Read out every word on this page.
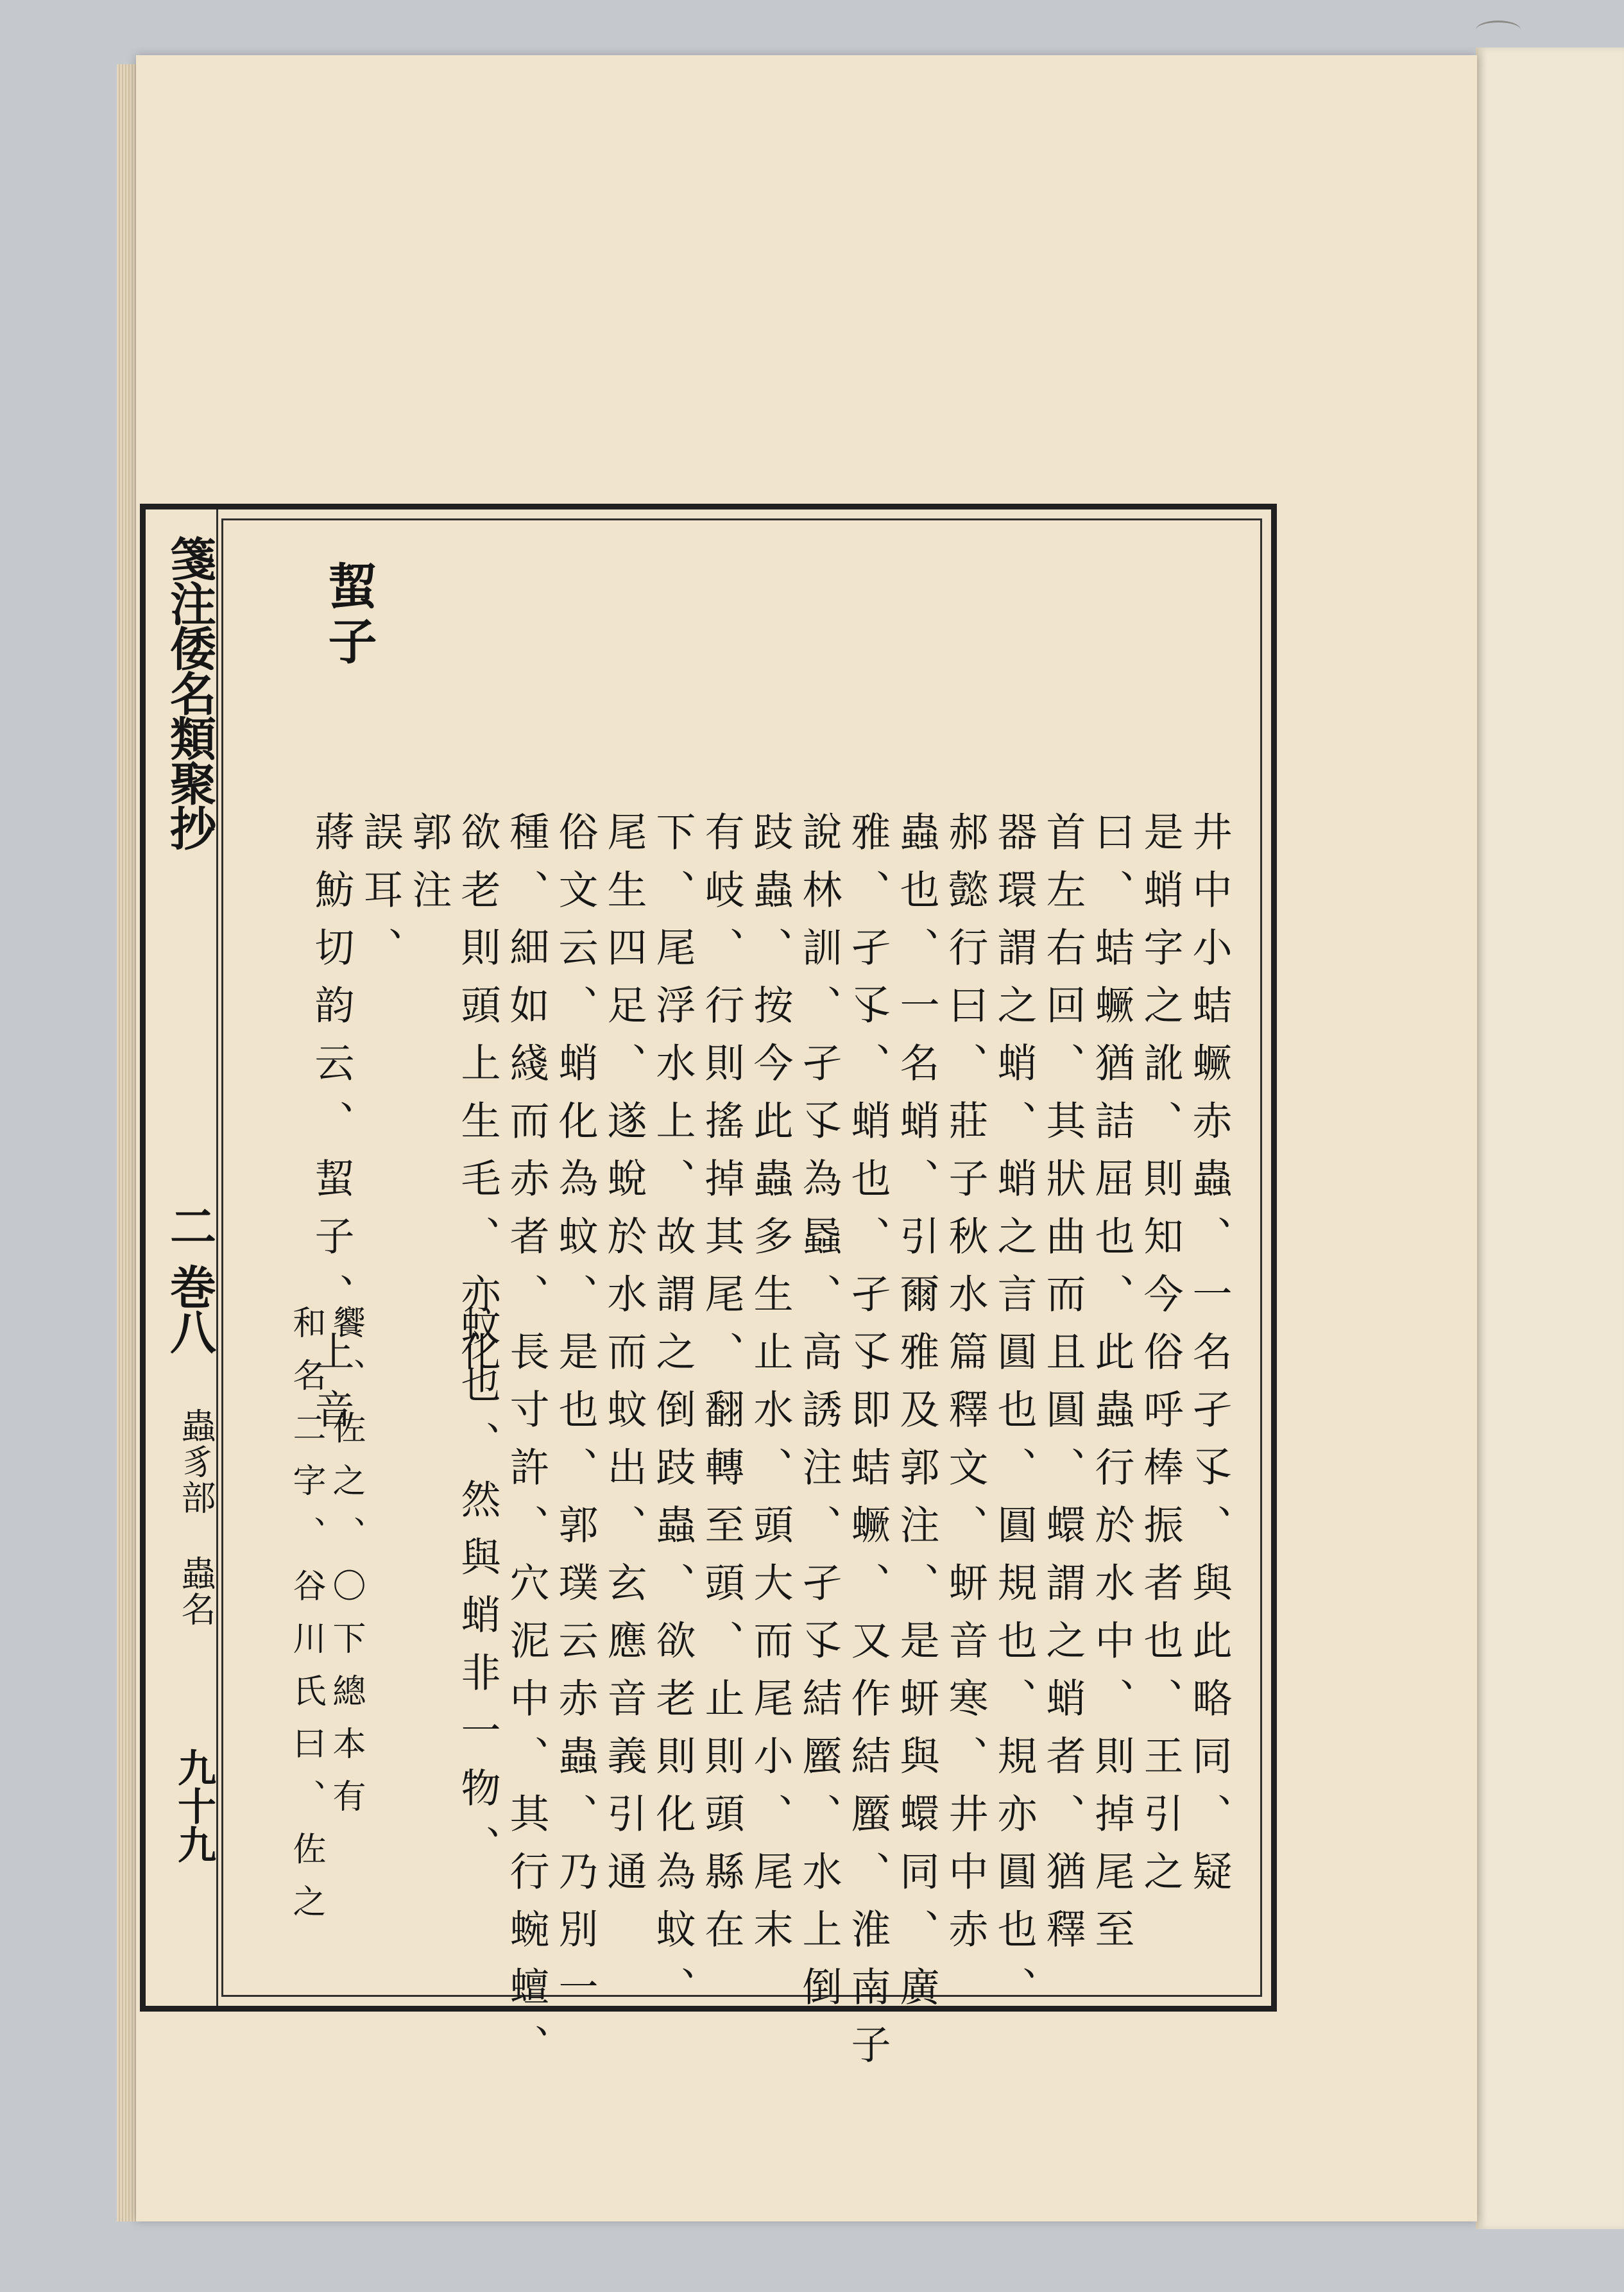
箋注倭名類聚抄
二
巻八
蟲豸部
蟲名
九十九
蛪子
蔣魴切韵云、蛪子、上音
饗、佐之、〇下總本有
和名二字、谷川氏曰、佐之
郭注
誤耳、 欲老則頭上生毛、亦化
蚊也、然與蛸非一物、 種、細如綫而赤者、長寸許、穴泥中、其行蜿蟺、 俗文云、蛸化為蚊、是也、郭璞云赤蟲、乃別一 尾生四足、遂蛻於水而蚊出、玄應音義引通 下、尾浮水上、故謂之倒跂蟲、欲老則化為蚊、 有岐、行則搖掉其尾、翻轉至頭、止則頭縣在 跂蟲、按今此蟲多生止水、頭大而尾小、尾末 說林訓、孑孓為蟁、高誘注、孑孓結蟨、水上倒 雅、孑孓、蛸也、孑孓即蛣蟩、又作結蟨、淮南子 蟲也、一名蛸、引爾雅及郭注、是蚈與蠉同、廣 郝懿行曰、莊子秋水篇釋文、蚈音寒、井中赤 器環謂之蛸、蛸之言圓也、圓規也、規亦圓也、 首左右回、其狀曲而且圓、蠉謂之蛸者、猶釋 曰、蛣蟩猶詰屈也、此蟲行於水中、則掉尾至 是蛸字之訛、則知今俗呼棒振者也、王引之 井中小蛣蟩赤蟲、一名孑孓、與此略同、疑
